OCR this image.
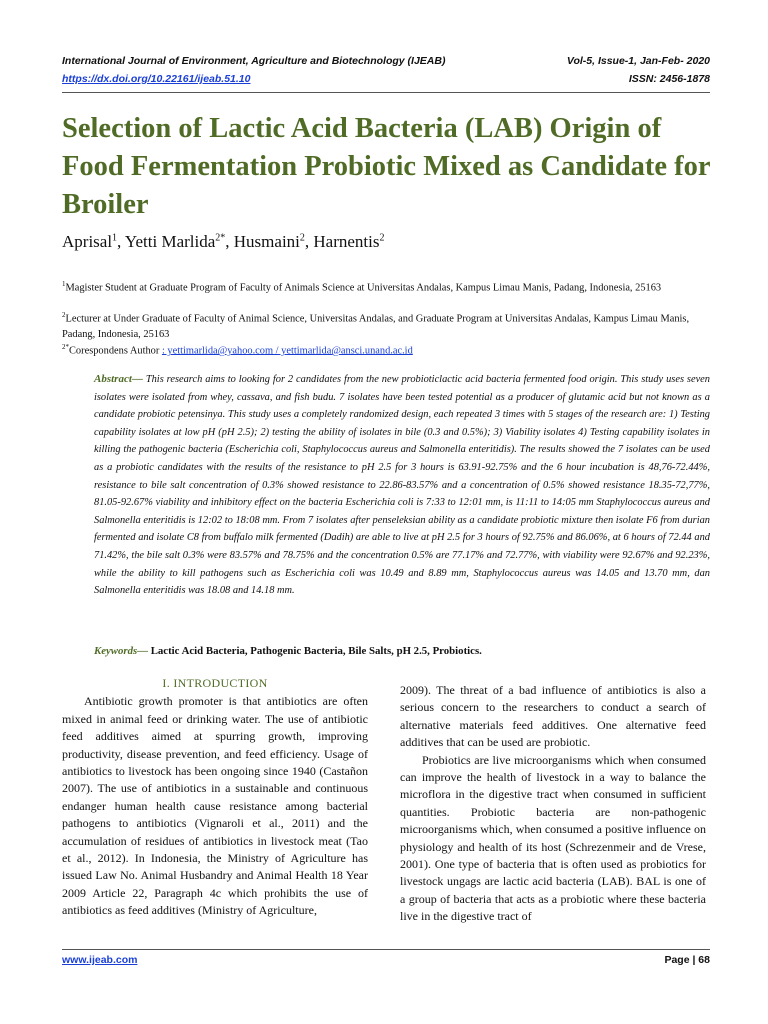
International Journal of Environment, Agriculture and Biotechnology (IJEAB)	Vol-5, Issue-1, Jan-Feb- 2020
https://dx.doi.org/10.22161/ijeab.51.10	ISSN: 2456-1878
Selection of Lactic Acid Bacteria (LAB) Origin of Food Fermentation Probiotic Mixed as Candidate for Broiler
Aprisal$^1$, Yetti Marlida$^{2*}$, Husmaini$^2$, Harnentis$^2$
$^1$Magister Student at Graduate Program of Faculty of Animals Science at Universitas Andalas, Kampus Limau Manis, Padang, Indonesia, 25163
$^2$Lecturer at Under Graduate of Faculty of Animal Science, Universitas Andalas, and Graduate Program at Universitas Andalas, Kampus Limau Manis, Padang, Indonesia, 25163
$^{2*}$Corespondens Author : yettimarlida@yahoo.com / yettimarlida@ansci.unand.ac.id
Abstract— This research aims to looking for 2 candidates from the new probioticlactic acid bacteria fermented food origin. This study uses seven isolates were isolated from whey, cassava, and fish budu. 7 isolates have been tested potential as a producer of glutamic acid but not known as a candidate probiotic petensinya. This study uses a completely randomized design, each repeated 3 times with 5 stages of the research are: 1) Testing capability isolates at low pH (pH 2.5); 2) testing the ability of isolates in bile (0.3 and 0.5%); 3) Viability isolates 4) Testing capability isolates in killing the pathogenic bacteria (Escherichia coli, Staphylococcus aureus and Salmonella enteritidis). The results showed the 7 isolates can be used as a probiotic candidates with the results of the resistance to pH 2.5 for 3 hours is 63.91-92.75% and the 6 hour incubation is 48,76-72.44%, resistance to bile salt concentration of 0.3% showed resistance to 22.86-83.57% and a concentration of 0.5% showed resistance 18.35-72,77%, 81.05-92.67% viability and inhibitory effect on the bacteria Escherichia coli is 7:33 to 12:01 mm, is 11:11 to 14:05 mm Staphylococcus aureus and Salmonella enteritidis is 12:02 to 18:08 mm. From 7 isolates after penseleksian ability as a candidate probiotic mixture then isolate F6 from durian fermented and isolate C8 from buffalo milk fermented (Dadih) are able to live at pH 2.5 for 3 hours of 92.75% and 86.06%, at 6 hours of 72.44 and 71.42%, the bile salt 0.3% were 83.57% and 78.75% and the concentration 0.5% are 77.17% and 72.77%, with viability were 92.67% and 92.23%, while the ability to kill pathogens such as Escherichia coli was 10.49 and 8.89 mm, Staphylococcus aureus was 14.05 and 13.70 mm, dan Salmonella enteritidis was 18.08 and 14.18 mm.
Keywords— Lactic Acid Bacteria, Pathogenic Bacteria, Bile Salts, pH 2.5, Probiotics.
I. INTRODUCTION

Antibiotic growth promoter is that antibiotics are often mixed in animal feed or drinking water. The use of antibiotic feed additives aimed at spurring growth, improving productivity, disease prevention, and feed efficiency. Usage of antibiotics to livestock has been ongoing since 1940 (Castañon 2007). The use of antibiotics in a sustainable and continuous endanger human health cause resistance among bacterial pathogens to antibiotics (Vignaroli et al., 2011) and the accumulation of residues of antibiotics in livestock meat (Tao et al., 2012). In Indonesia, the Ministry of Agriculture has issued Law No. Animal Husbandry and Animal Health 18 Year 2009 Article 22, Paragraph 4c which prohibits the use of antibiotics as feed additives (Ministry of Agriculture,

2009). The threat of a bad influence of antibiotics is also a serious concern to the researchers to conduct a search of alternative materials feed additives. One alternative feed additives that can be used are probiotic.

Probiotics are live microorganisms which when consumed can improve the health of livestock in a way to balance the microflora in the digestive tract when consumed in sufficient quantities. Probiotic bacteria are non-pathogenic microorganisms which, when consumed a positive influence on physiology and health of its host (Schrezenmeir and de Vrese, 2001). One type of bacteria that is often used as probiotics for livestock ungags are lactic acid bacteria (LAB). BAL is one of a group of bacteria that acts as a probiotic where these bacteria live in the digestive tract of

www.ijeab.com	Page | 68
